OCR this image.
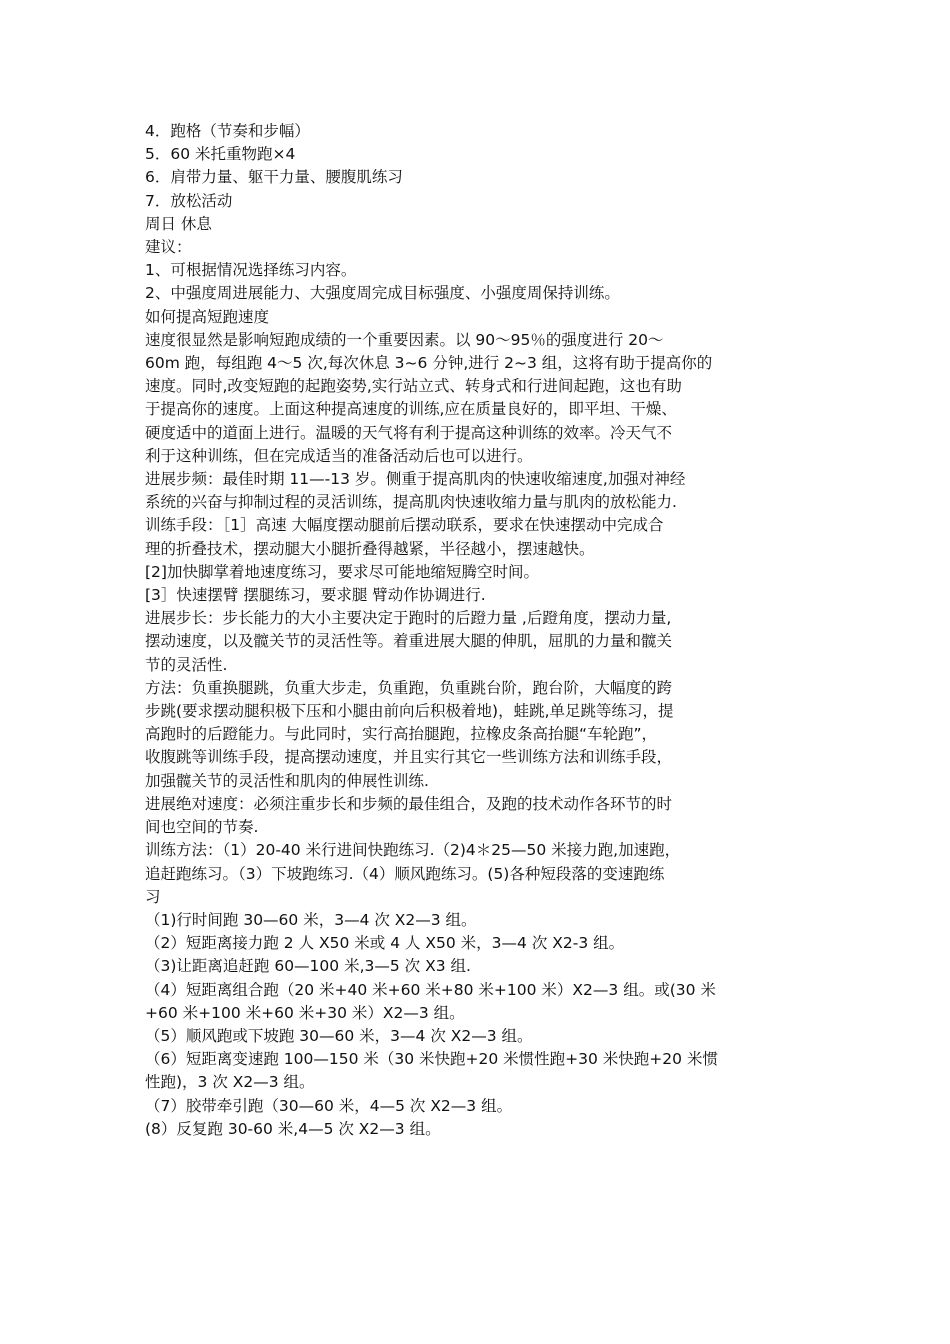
4．跑格（节奏和步幅）

5．60 米托重物跑×4

6．肩带力量、躯干力量、腰腹肌练习

7．放松活动

周日 休息

建议：

1、可根据情况选择练习内容。

2、中强度周进展能力、大强度周完成目标强度、小强度周保持训练。

如何提高短跑速度

速度很显然是影响短跑成绩的一个重要因素。以 90～95％的强度进行 20～

60m 跑，每组跑 4～5 次,每次休息 3~6 分钟,进行 2~3 组，这将有助于提高你的

速度。同时,改变短跑的起跑姿势,实行站立式、转身式和行进间起跑，这也有助

于提高你的速度。上面这种提高速度的训练,应在质量良好的，即平坦、干燥、

硬度适中的道面上进行。温暖的天气将有利于提高这种训练的效率。冷天气不

利于这种训练，但在完成适当的准备活动后也可以进行。

进展步频：最佳时期 11—-13 岁。侧重于提高肌肉的快速收缩速度,加强对神经

系统的兴奋与抑制过程的灵活训练，提高肌肉快速收缩力量与肌肉的放松能力.

训练手段：［1］高速 大幅度摆动腿前后摆动联系，要求在快速摆动中完成合

理的折叠技术，摆动腿大小腿折叠得越紧，半径越小，摆速越快。

[2]加快脚掌着地速度练习，要求尽可能地缩短腾空时间。

[3］快速摆臂 摆腿练习，要求腿 臂动作协调进行.

进展步长：步长能力的大小主要决定于跑时的后蹬力量 ,后蹬角度，摆动力量,

摆动速度，以及髋关节的灵活性等。着重进展大腿的伸肌，屈肌的力量和髋关

节的灵活性.

方法：负重换腿跳，负重大步走，负重跑，负重跳台阶，跑台阶，大幅度的跨

步跳(要求摆动腿积极下压和小腿由前向后积极着地)，蛙跳,单足跳等练习，提

高跑时的后蹬能力。与此同时，实行高抬腿跑，拉橡皮条高抬腿“车轮跑”，

收腹跳等训练手段，提高摆动速度，并且实行其它一些训练方法和训练手段，

加强髋关节的灵活性和肌肉的伸展性训练.

进展绝对速度：必须注重步长和步频的最佳组合，及跑的技术动作各环节的时

间也空间的节奏.

训练方法：（1）20-40 米行进间快跑练习.（2)4＊25—50 米接力跑,加速跑，

追赶跑练习。（3）下坡跑练习.（4）顺风跑练习。(5)各种短段落的变速跑练

习

（1)行时间跑 30—60 米，3—4 次 X2—3 组。

（2）短距离接力跑 2 人 X50 米或 4 人 X50 米，3—4 次 X2-3 组。

（3)让距离追赶跑 60—100 米,3—5 次 X3 组.

（4）短距离组合跑（20 米+40 米+60 米+80 米+100 米）X2—3 组。或(30 米

+60 米+100 米+60 米+30 米）X2—3 组。

（5）顺风跑或下坡跑 30—60 米，3—4 次 X2—3 组。

（6）短距离变速跑 100—150 米（30 米快跑+20 米惯性跑+30 米快跑+20 米惯

性跑)，3 次 X2—3 组。

（7）胶带牵引跑（30—60 米，4—5 次 X2—3 组。

(8）反复跑 30-60 米,4—5 次 X2—3 组。
